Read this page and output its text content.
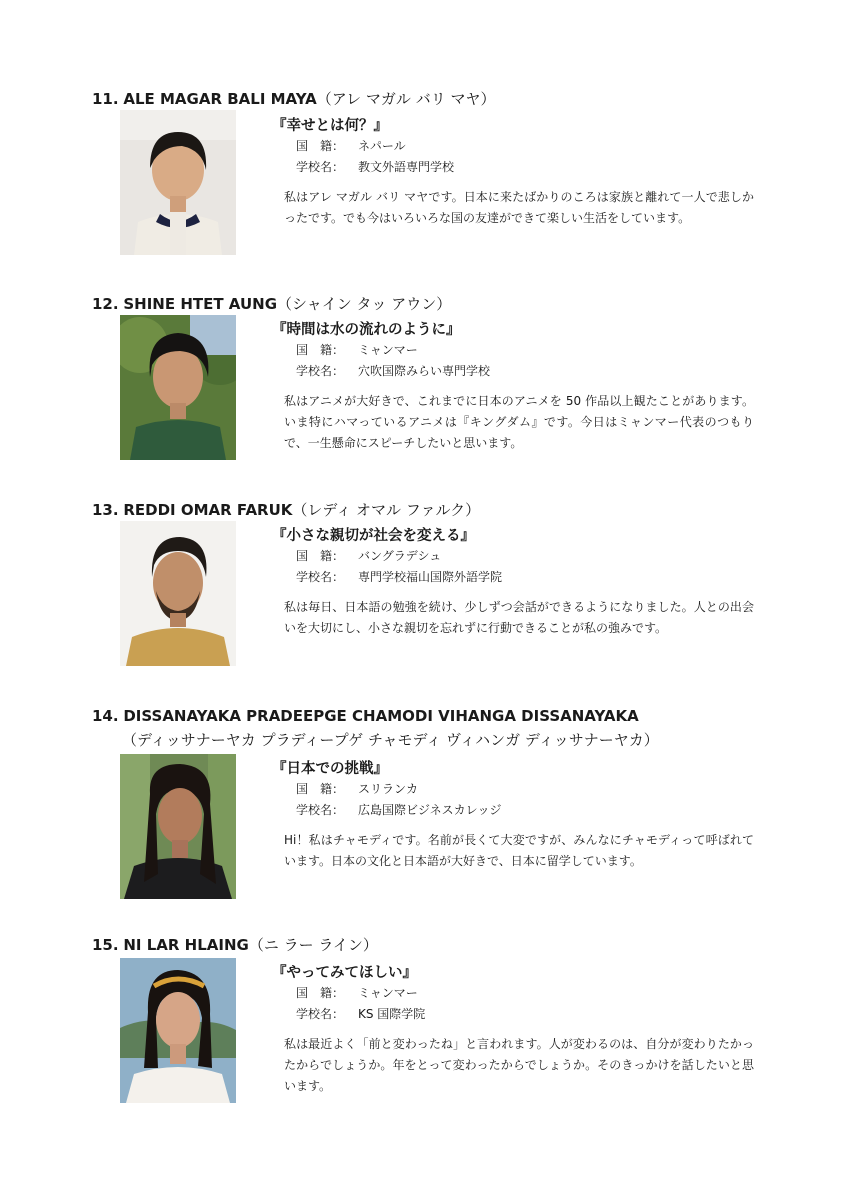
11. ALE MAGAR BALI MAYA（アレ マガル バリ マヤ）
『幸せとは何？』
国　籍： ネパール
学校名： 教文外語専門学校
私はアレ マガル バリ マヤです。日本に来たばかりのころは家族と離れて一人で悲しかったです。でも今はいろいろな国の友達ができて楽しい生活をしています。
12. SHINE HTET AUNG（シャイン タッ アウン）
『時間は水の流れのように』
国　籍： ミャンマー
学校名： 穴吹国際みらい専門学校
私はアニメが大好きで、これまでに日本のアニメを 50 作品以上観たことがあります。いま特にハマっているアニメは『キングダム』です。今日はミャンマー代表のつもりで、一生懸命にスピーチしたいと思います。
13. REDDI OMAR FARUK（レディ オマル ファルク）
『小さな親切が社会を変える』
国　籍： バングラデシュ
学校名： 専門学校福山国際外語学院
私は毎日、日本語の勉強を続け、少しずつ会話ができるようになりました。人との出会いを大切にし、小さな親切を忘れずに行動できることが私の強みです。
14. DISSANAYAKA PRADEEPGE CHAMODI VIHANGA DISSANAYAKA
（ディッサナーヤカ プラディープゲ チャモディ ヴィハンガ ディッサナーヤカ）
『日本での挑戦』
国　籍： スリランカ
学校名： 広島国際ビジネスカレッジ
Hi！私はチャモディです。名前が長くて大変ですが、みんなにチャモディって呼ばれています。日本の文化と日本語が大好きで、日本に留学しています。
15. NI LAR HLAING（ニ ラー ライン）
『やってみてほしい』
国　籍： ミャンマー
学校名： KS 国際学院
私は最近よく「前と変わったね」と言われます。人が変わるのは、自分が変わりたかったからでしょうか。年をとって変わったからでしょうか。そのきっかけを話したいと思います。
